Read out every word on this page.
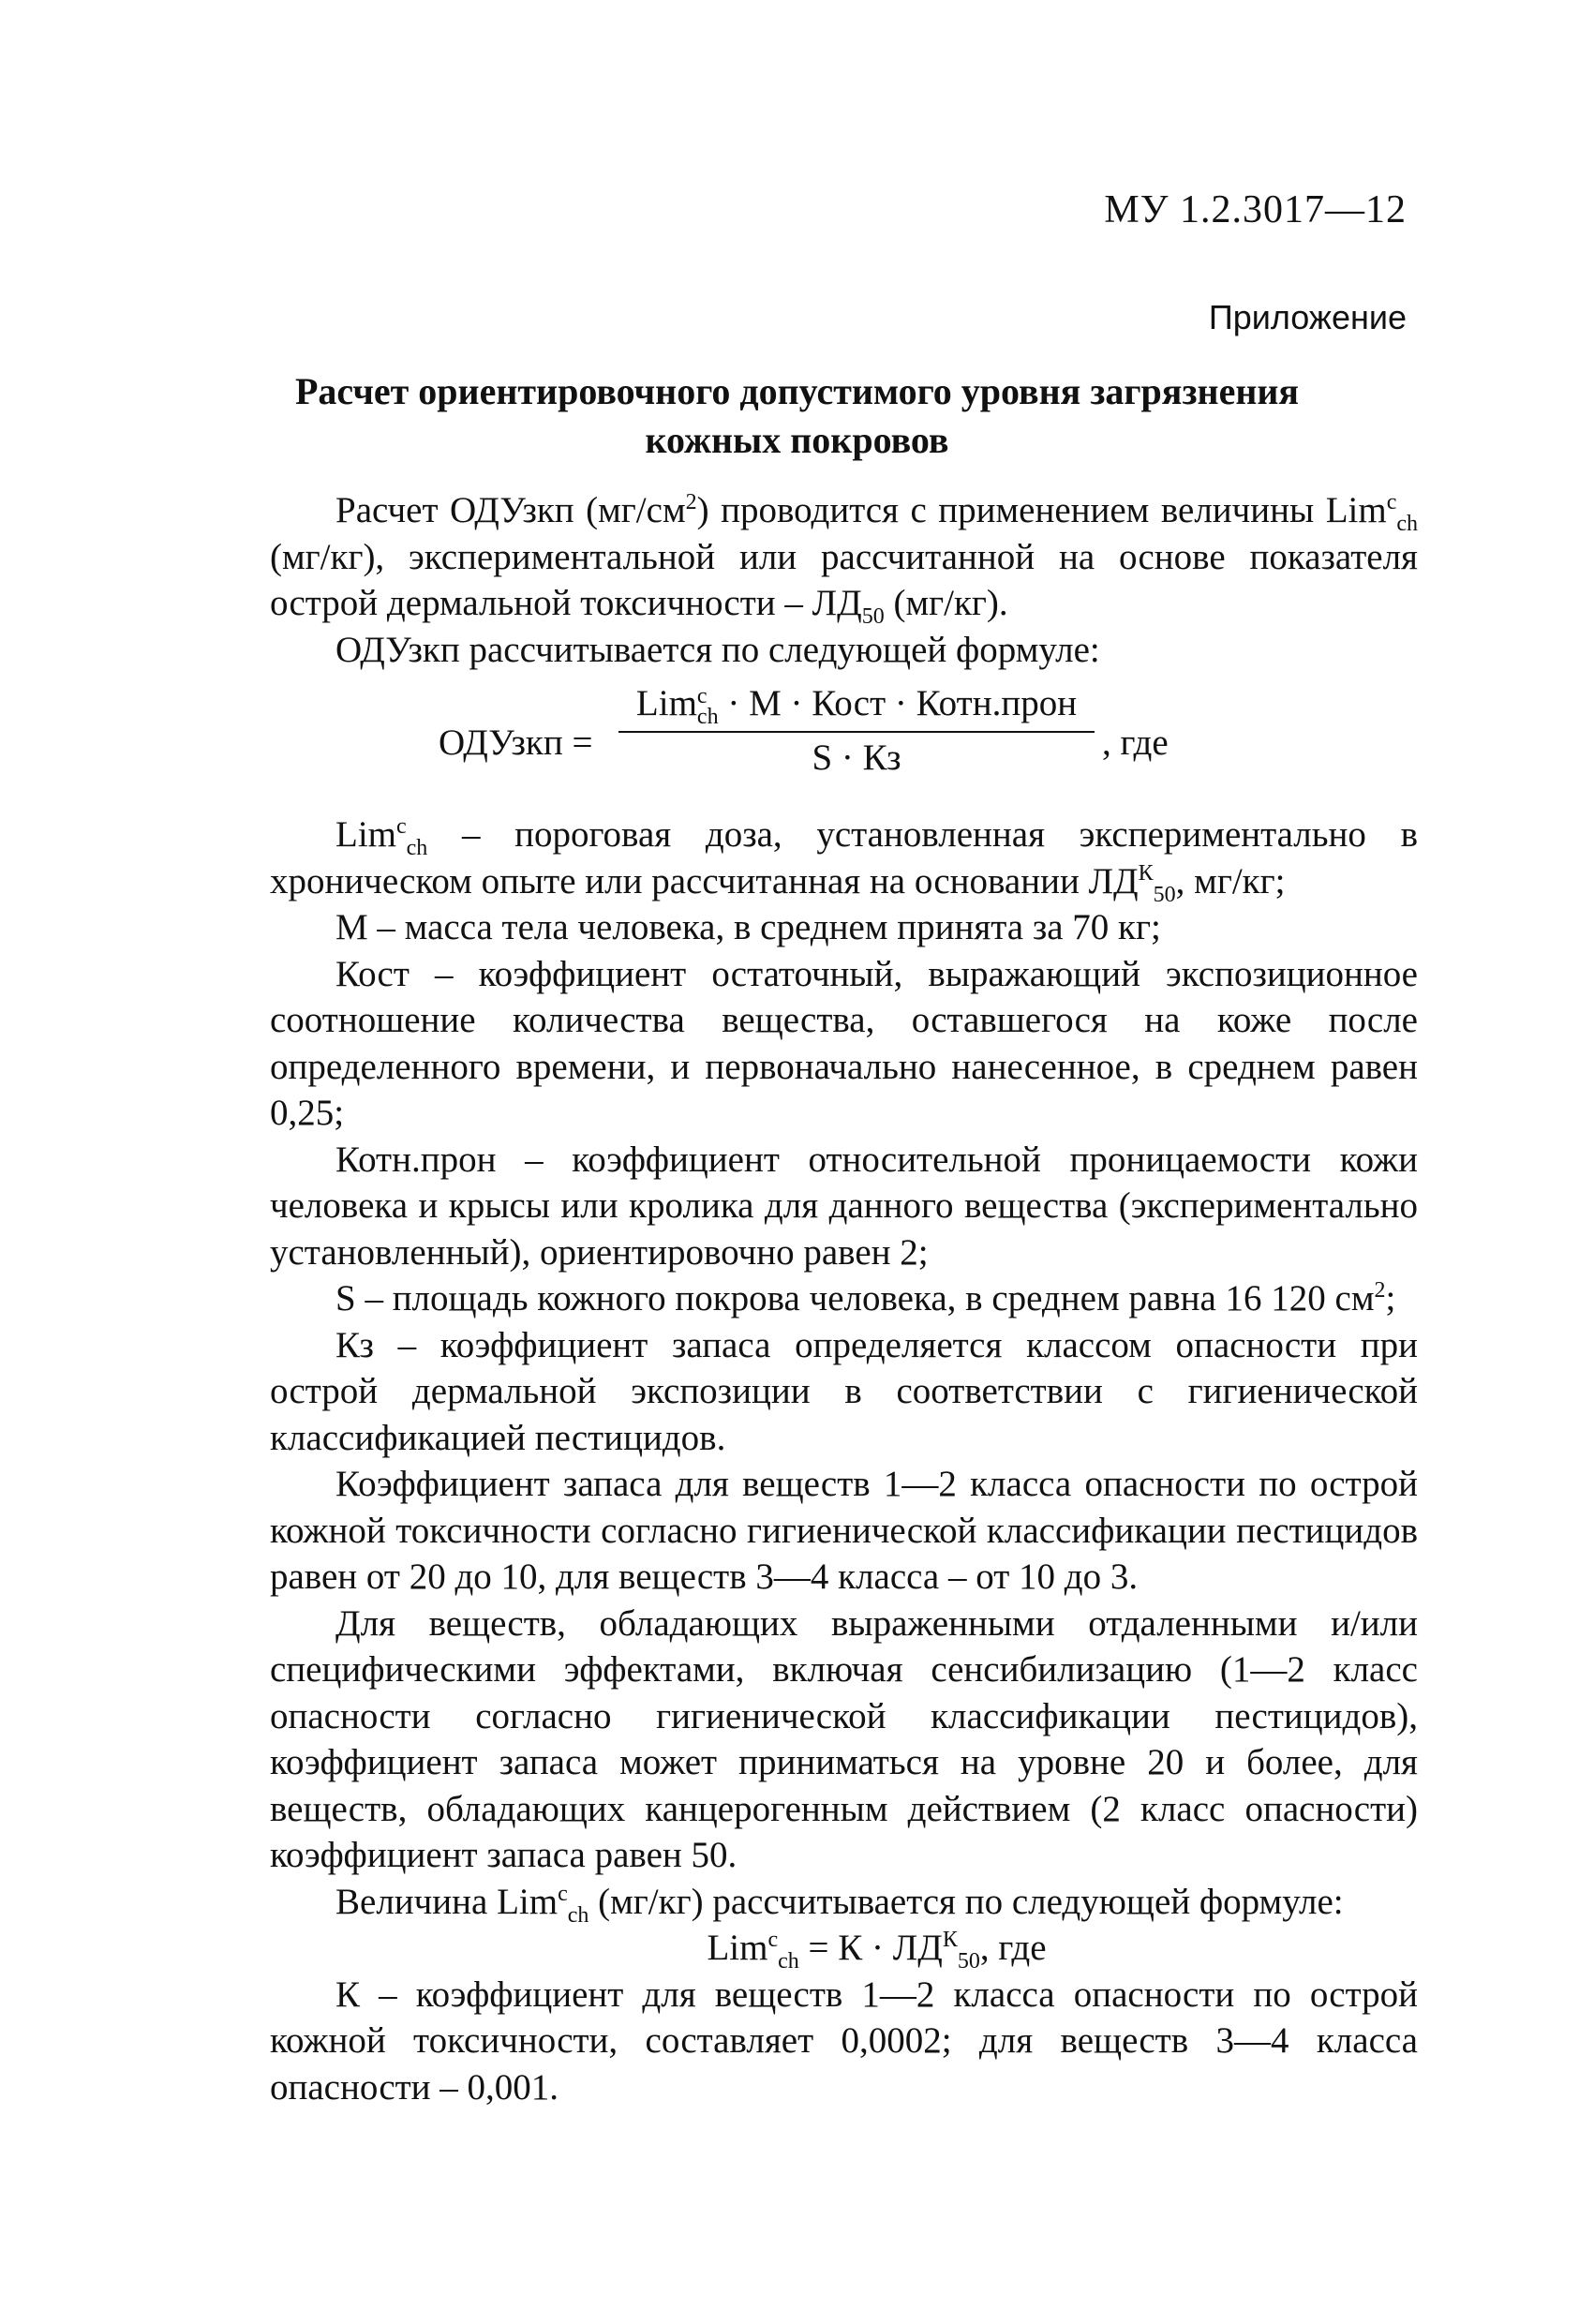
МУ 1.2.3017—12
Приложение
Расчет ориентировочного допустимого уровня загрязнения
кожных покровов

Расчет ОДУзкп $(мг/см^2)$ проводится с применением величины Lim$^c_{ch}$ (мг/кг), экспериментальной или рассчитанной на основе показателя острой дермальной токсичности – $ЛД_{50}$ (мг/кг).

ОДУзкп рассчитывается по следующей формуле:

ОДУзкп =
Lim c
ch · M · Кост · Котн.прон
S · Кз	, где

Lim$^c_{ch}$ – пороговая доза, установленная экспериментально в хроническом опыте или рассчитанная на основании $ЛД^К_{50}$, мг/кг;

М – масса тела человека, в среднем принята за 70 кг;

Кост – коэффициент остаточный, выражающий экспозиционное соотношение количества вещества, оставшегося на коже после определенного времени, и первоначально нанесенное, в среднем равен 0,25;

Котн.прон – коэффициент относительной проницаемости кожи человека и крысы или кролика для данного вещества (экспериментально установленный), ориентировочно равен 2;

S – площадь кожного покрова человека, в среднем равна 16 120 $см^2$;

Кз – коэффициент запаса определяется классом опасности при острой дермальной экспозиции в соответствии с гигиенической классификацией пестицидов.

Коэффициент запаса для веществ 1—2 класса опасности по острой кожной токсичности согласно гигиенической классификации пестицидов равен от 20 до 10, для веществ 3—4 класса – от 10 до 3.

Для веществ, обладающих выраженными отдаленными и/или специфическими эффектами, включая сенсибилизацию (1—2 класс опасности согласно гигиенической классификации пестицидов), коэффициент запаса может приниматься на уровне 20 и более, для веществ, обладающих канцерогенным действием (2 класс опасности) коэффициент запаса равен 50.

Величина Lim$^c_{ch}$ (мг/кг) рассчитывается по следующей формуле:

$Lim^c_{ch} = К \cdot ЛД^К_{50}$, где

К – коэффициент для веществ 1—2 класса опасности по острой кожной токсичности, составляет 0,0002; для веществ 3—4 класса опасности – 0,001.
